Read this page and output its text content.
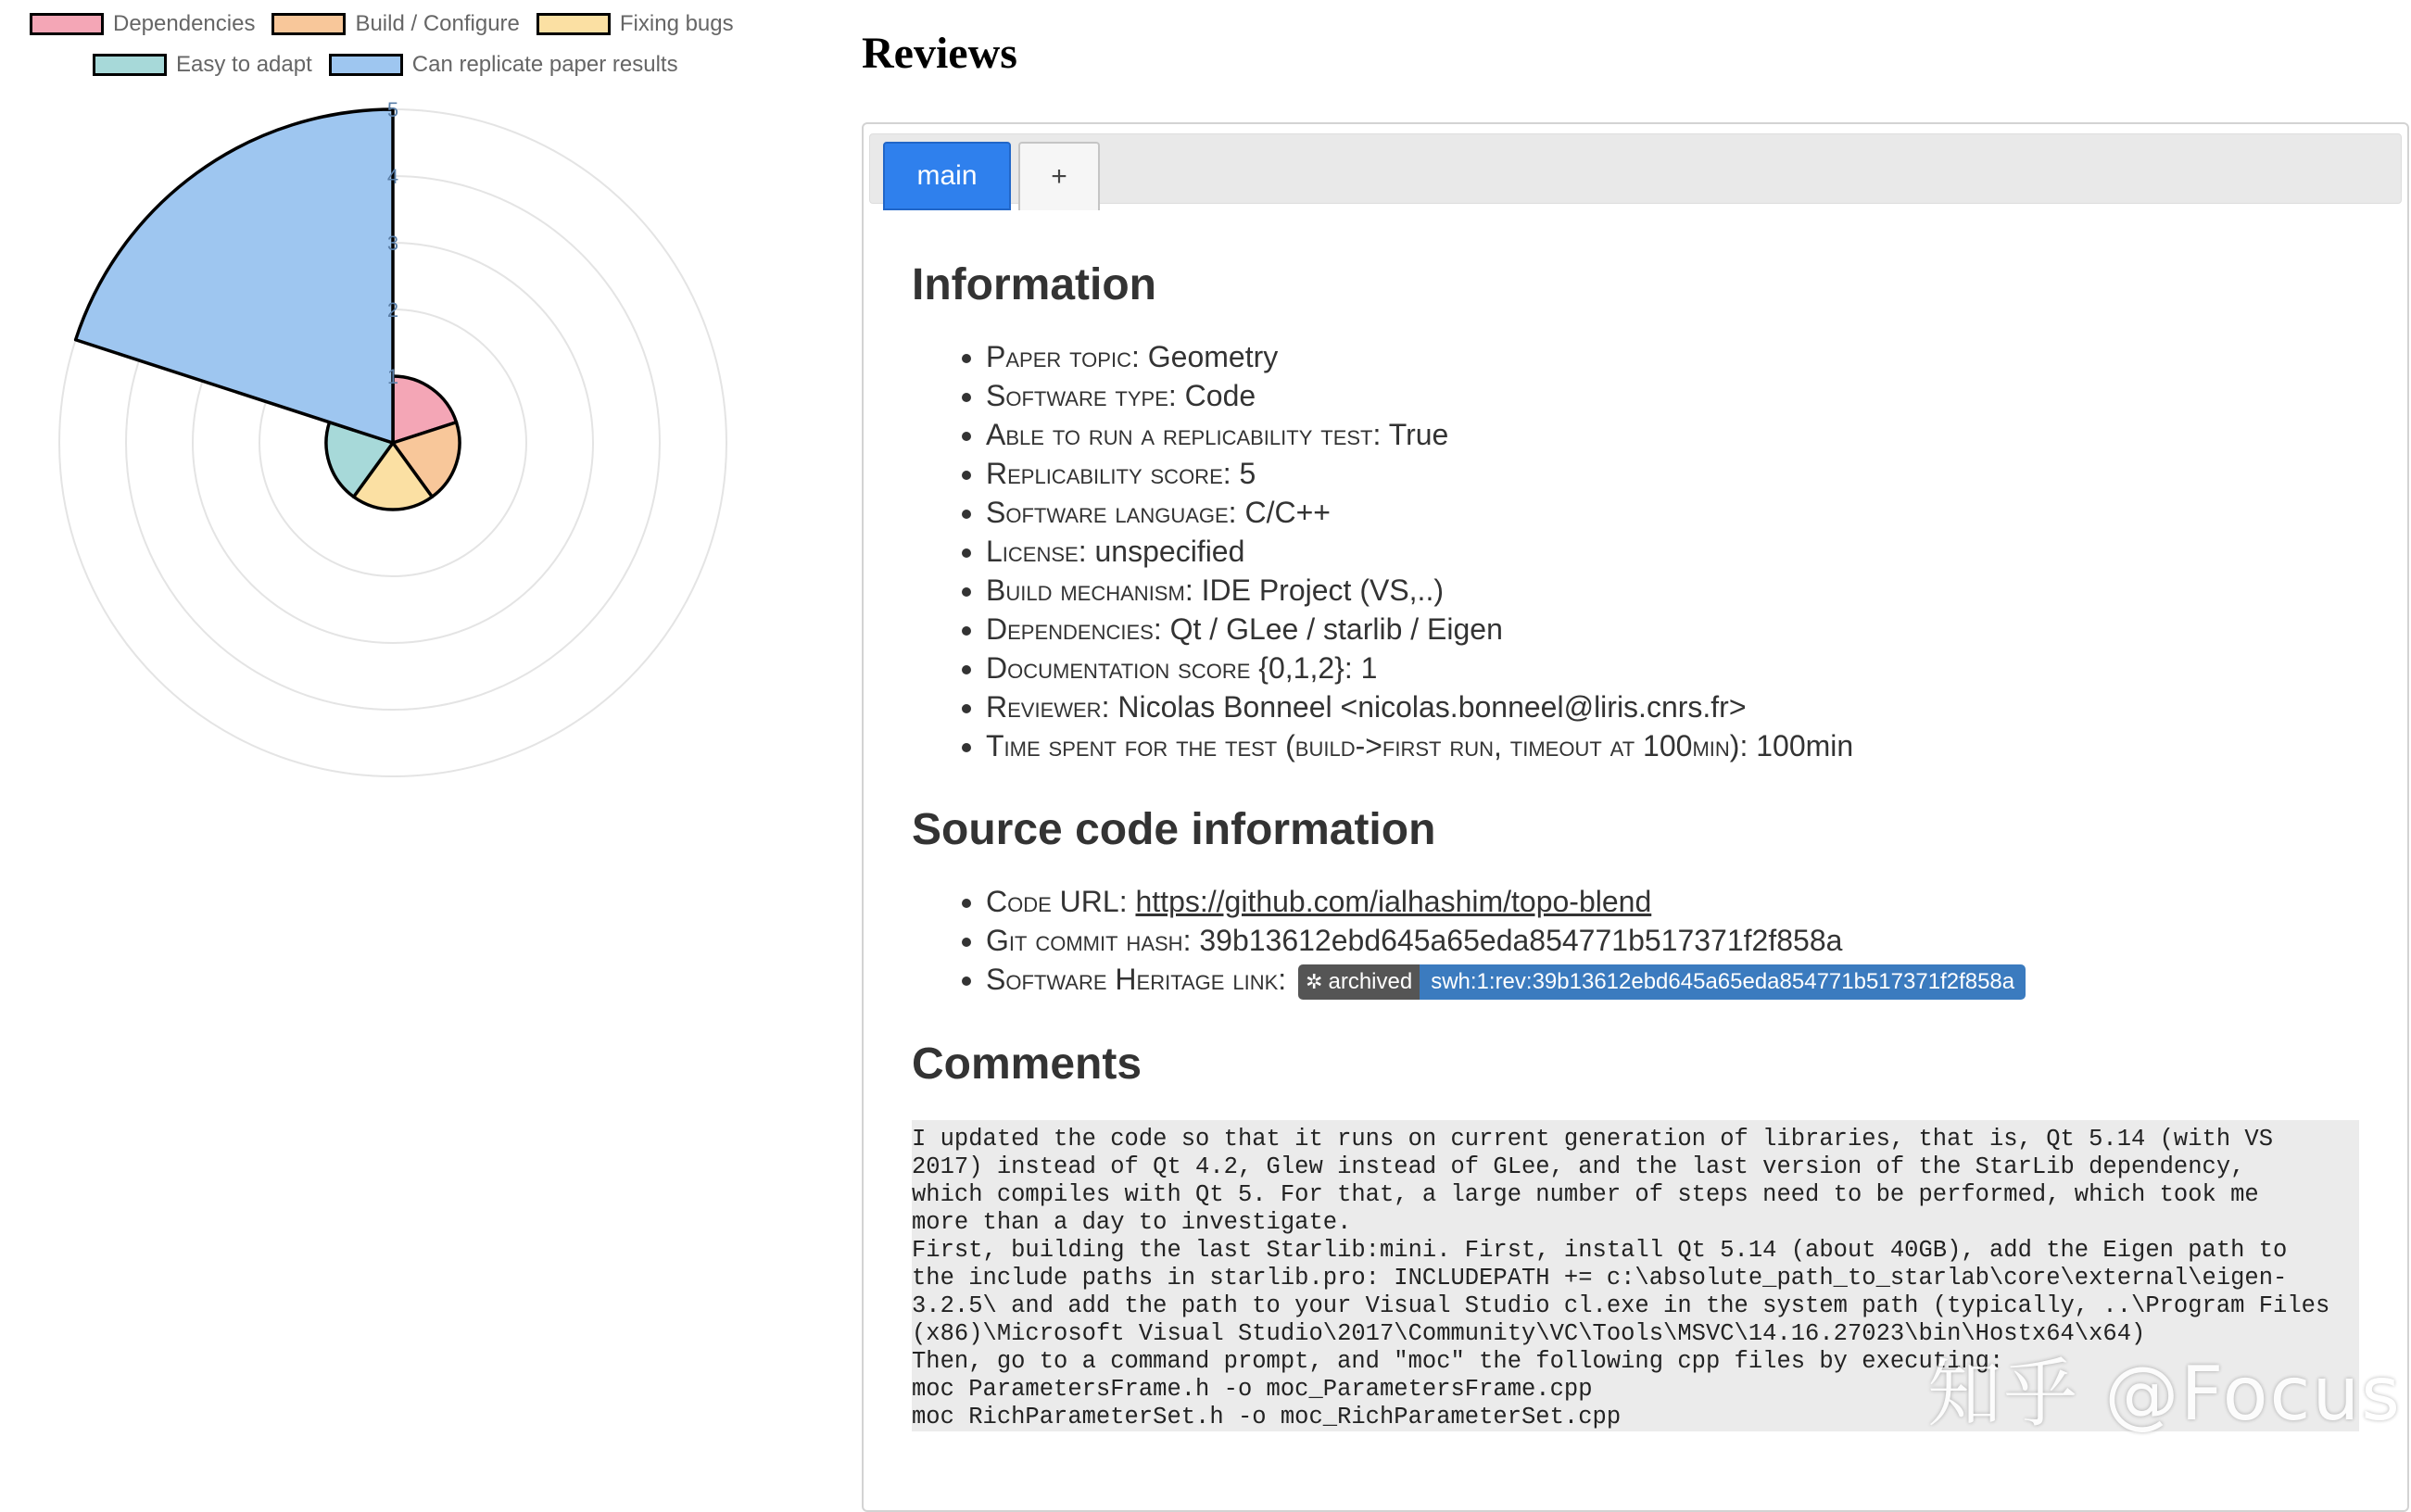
Dependencies	Build / Configure	Fixing bugs
Easy to adapt	Can replicate paper results
1
2
3
4
5
Reviews
main	+
Information
• Paper topic: Geometry
• Software type: Code
• Able to run a replicability test: True
• Replicability score: 5
• Software language: C/C++
• License: unspecified
• Build mechanism: IDE Project (VS,..)
• Dependencies: Qt / GLee / starlib / Eigen
• Documentation score {0,1,2}: 1
• Reviewer: Nicolas Bonneel <nicolas.bonneel@liris.cnrs.fr>
• Time spent for the test (build->first run, timeout at 100min): 100min
Source code information
• Code URL: https://github.com/ialhashim/topo-blend
• Git commit hash: 39b13612ebd645a65eda854771b517371f2f858a
• Software Heritage link: ✲ archived swh:1:rev:39b13612ebd645a65eda854771b517371f2f858a
Comments
I updated the code so that it runs on current generation of libraries, that is, Qt 5.14 (with VS
2017) instead of Qt 4.2, Glew instead of GLee, and the last version of the StarLib dependency,
which compiles with Qt 5. For that, a large number of steps need to be performed, which took me
more than a day to investigate.
First, building the last Starlib:mini. First, install Qt 5.14 (about 40GB), add the Eigen path to
the include paths in starlib.pro: INCLUDEPATH += c:\absolute_path_to_starlab\core\external\eigen-
3.2.5\ and add the path to your Visual Studio cl.exe in the system path (typically, ..\Program Files
(x86)\Microsoft Visual Studio\2017\Community\VC\Tools\MSVC\14.16.27023\bin\Hostx64\x64)
Then, go to a command prompt, and "moc" the following cpp files by executing:
moc ParametersFrame.h -o moc_ParametersFrame.cpp
moc RichParameterSet.h -o moc_RichParameterSet.cpp	知乎 @Focus
